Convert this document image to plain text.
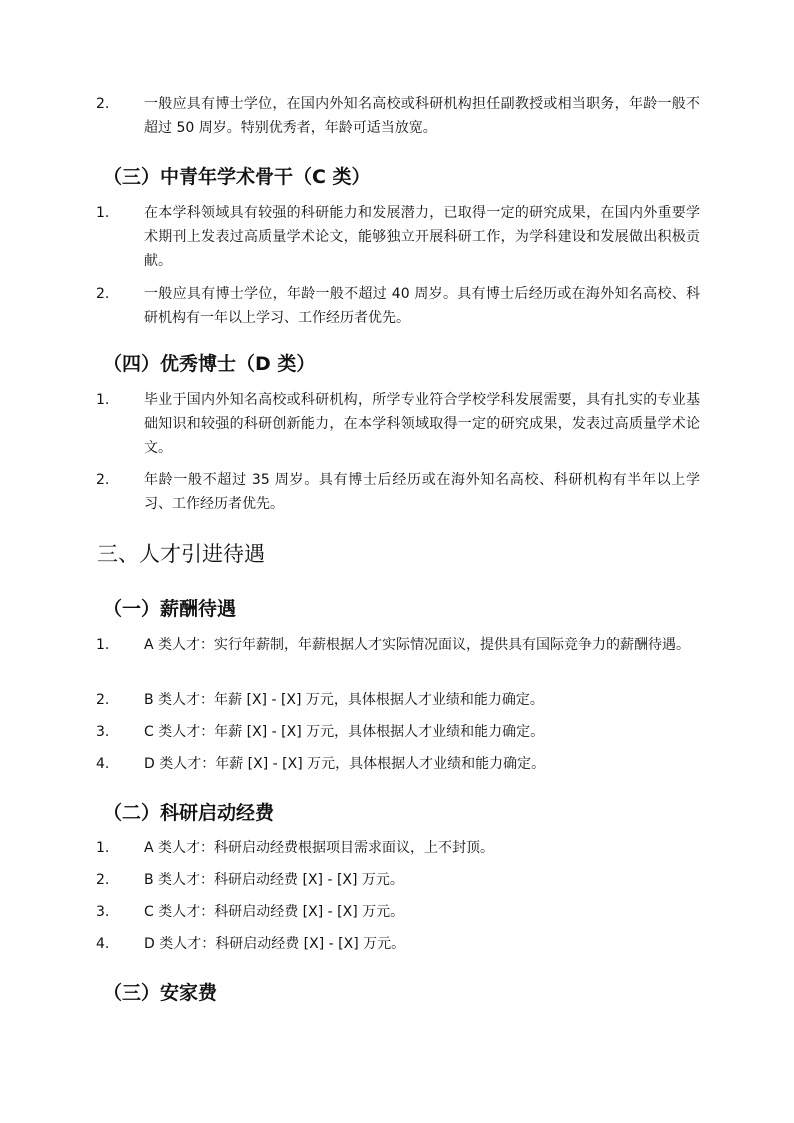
2.	一般应具有博士学位，在国内外知名高校或科研机构担任副教授或相当职务，年龄一般不超过 50 周岁。特别优秀者，年龄可适当放宽。
（三）中青年学术骨干（C 类）
1.	在本学科领域具有较强的科研能力和发展潜力，已取得一定的研究成果，在国内外重要学术期刊上发表过高质量学术论文，能够独立开展科研工作，为学科建设和发展做出积极贡献。
2.	一般应具有博士学位，年龄一般不超过 40 周岁。具有博士后经历或在海外知名高校、科研机构有一年以上学习、工作经历者优先。
（四）优秀博士（D 类）
1.	毕业于国内外知名高校或科研机构，所学专业符合学校学科发展需要，具有扎实的专业基础知识和较强的科研创新能力，在本学科领域取得一定的研究成果，发表过高质量学术论文。
2.	年龄一般不超过 35 周岁。具有博士后经历或在海外知名高校、科研机构有半年以上学习、工作经历者优先。
三、人才引进待遇
（一）薪酬待遇
1.	A 类人才：实行年薪制，年薪根据人才实际情况面议，提供具有国际竞争力的薪酬待遇。
2.	B 类人才：年薪 [X] - [X] 万元，具体根据人才业绩和能力确定。
3.	C 类人才：年薪 [X] - [X] 万元，具体根据人才业绩和能力确定。
4.	D 类人才：年薪 [X] - [X] 万元，具体根据人才业绩和能力确定。
（二）科研启动经费
1.	A 类人才：科研启动经费根据项目需求面议，上不封顶。
2.	B 类人才：科研启动经费 [X] - [X] 万元。
3.	C 类人才：科研启动经费 [X] - [X] 万元。
4.	D 类人才：科研启动经费 [X] - [X] 万元。
（三）安家费
